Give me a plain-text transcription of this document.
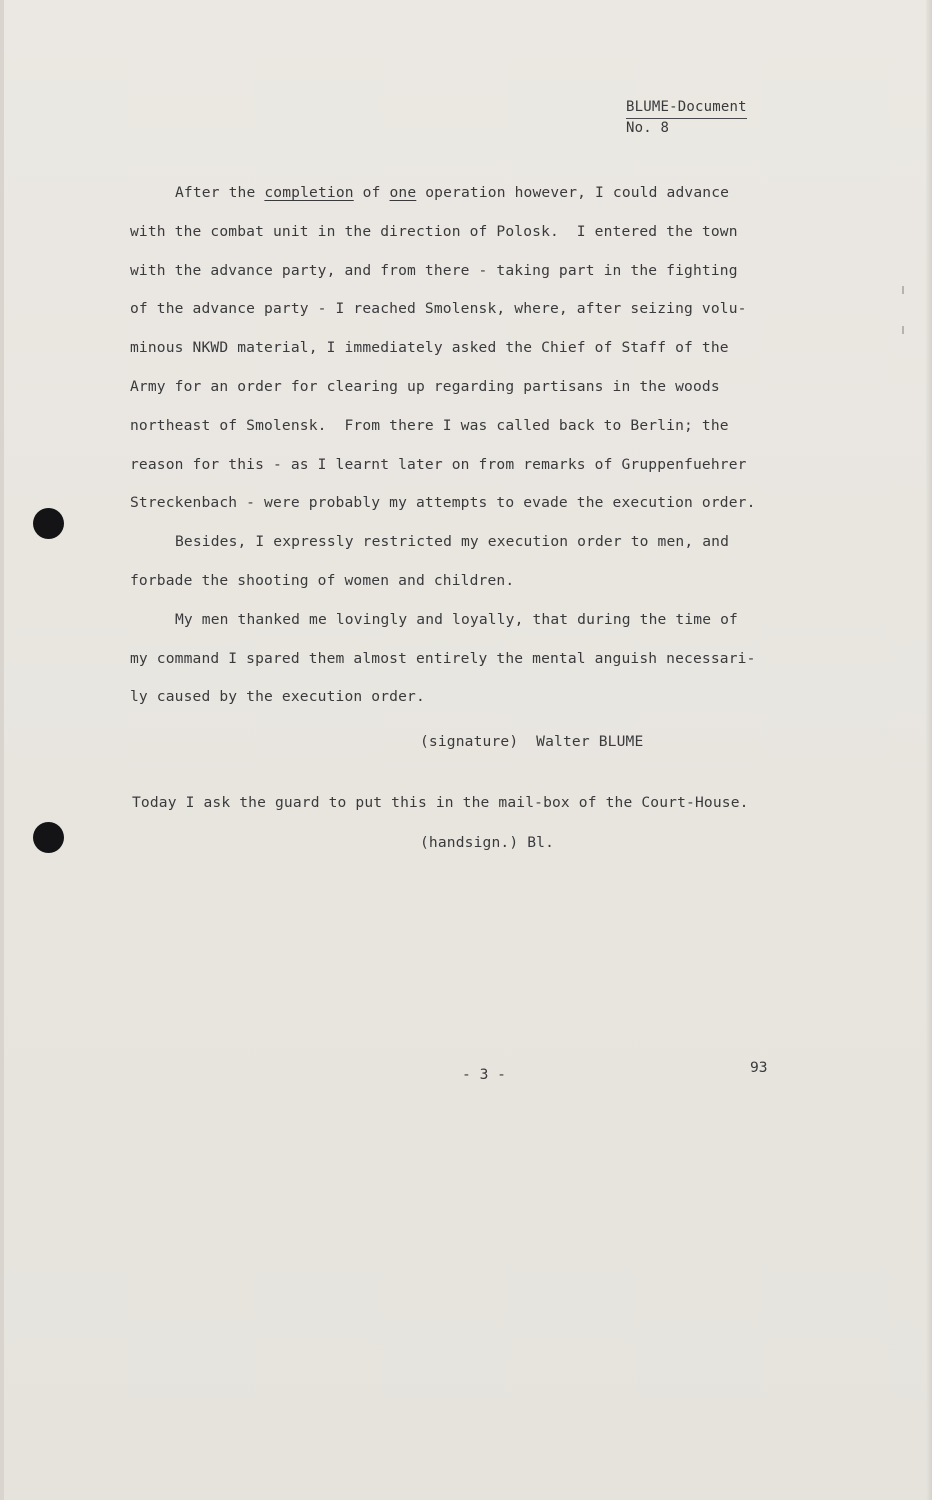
BLUME-Document
No. 8
After the completion of one operation however, I could advance
with the combat unit in the direction of Polosk.  I entered the town
with the advance party, and from there - taking part in the fighting
of the advance party - I reached Smolensk, where, after seizing volu-
minous NKWD material, I immediately asked the Chief of Staff of the
Army for an order for clearing up regarding partisans in the woods
northeast of Smolensk.  From there I was called back to Berlin; the
reason for this - as I learnt later on from remarks of Gruppenfuehrer
Streckenbach - were probably my attempts to evade the execution order.
Besides, I expressly restricted my execution order to men, and
forbade the shooting of women and children.
My men thanked me lovingly and loyally, that during the time of
my command I spared them almost entirely the mental anguish necessari-
ly caused by the execution order.
(signature)  Walter BLUME
Today I ask the guard to put this in the mail-box of the Court-House.
(handsign.) Bl.
- 3 -	93
